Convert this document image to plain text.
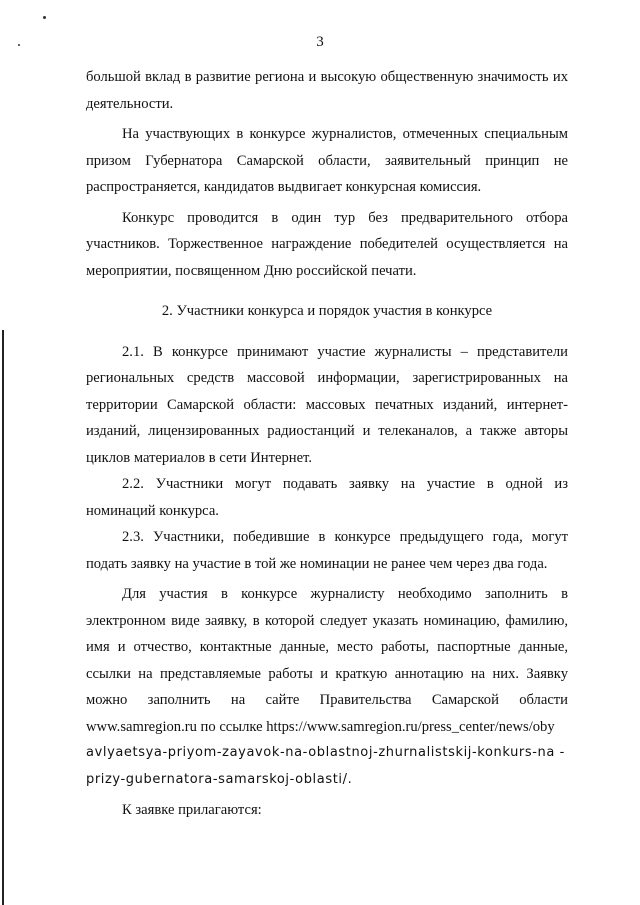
3

большой вклад в развитие региона и высокую общественную значимость их деятельности.

На участвующих в конкурсе журналистов, отмеченных специальным призом Губернатора Самарской области, заявительный принцип не распространяется, кандидатов выдвигает конкурсная комиссия.

Конкурс проводится в один тур без предварительного отбора участников. Торжественное награждение победителей осуществляется на мероприятии, посвященном Дню российской печати.

2. Участники конкурса и порядок участия в конкурсе

2.1. В конкурсе принимают участие журналисты – представители региональных средств массовой информации, зарегистрированных на территории Самарской области: массовых печатных изданий, интернет-изданий, лицензированных радиостанций и телеканалов, а также авторы циклов материалов в сети Интернет.

2.2. Участники могут подавать заявку на участие в одной из номинаций конкурса.

2.3. Участники, победившие в конкурсе предыдущего года, могут подать заявку на участие в той же номинации не ранее чем через два года.

Для участия в конкурсе журналисту необходимо заполнить в электронном виде заявку, в которой следует указать номинацию, фамилию, имя и отчество, контактные данные, место работы, паспортные данные, ссылки на представляемые работы и краткую аннотацию на них. Заявку можно заполнить на сайте Правительства Самарской области www.samregion.ru по ссылке https://www.samregion.ru/press_center/news/oby

avlyaetsya-priyom-zayavok-na-oblastnoj-zhurnalistskij-konkurs-na -

prizy-gubernatora-samarskoj-oblasti/.

К заявке прилагаются:
